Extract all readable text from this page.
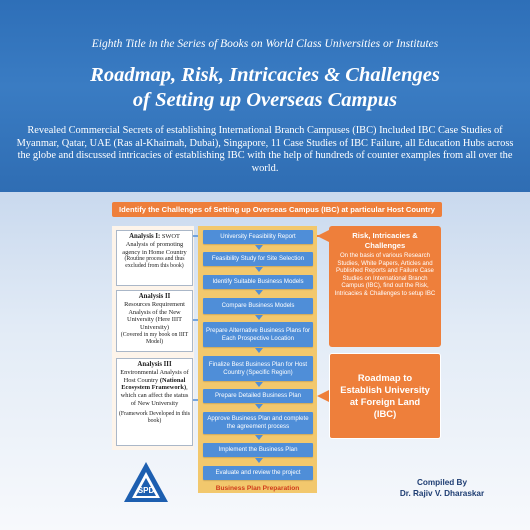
Eighth Title in the Series of Books on World Class Universities or Institutes
Roadmap, Risk, Intricacies & Challenges
of Setting up Overseas Campus
Revealed Commercial Secrets of establishing International Branch Campuses (IBC) Included IBC Case Studies of Myanmar, Qatar, UAE (Ras al-Khaimah, Dubai), Singapore, 11 Case Studies of IBC Failure, all Education Hubs across the globe and discussed intricacies of establishing IBC with the help of hundreds of counter examples from all over the world.
Identify the Challenges of Setting up Overseas Campus (IBC) at particular Host Country
Analysis I: SWOT Analysis of promoting agency in Home Country
(Routine process and thus excluded from this book)
Analysis II
Resources Requirement Analysis of the New University (Here IIIT University)
(Covered in my book on IIIT Model)
Analysis III
Environmental Analysis of Host Country (National Ecosystem Framework), which can affect the status of New University
(Framework Developed in this book)
University Feasibility Report
Feasibility Study for Site Selection
Identify Suitable Business Models
Compare Business Models
Prepare Alternative Business Plans for Each Prospective Location
Finalize Best Business Plan for Host Country (Specific Region)
Prepare Detailed Business Plan
Approve Business Plan and complete the agreement process
Implement the Business Plan
Evaluate and review the project
Business Plan Preparation
Risk, Intricacies & Challenges
On the basis of various Research Studies, White Papers, Articles and Published Reports and Failure Case Studies on International Branch Campus (IBC), find out the Risk, Intricacies & Challenges to setup IBC
Roadmap to Establish University at Foreign Land (IBC)
SPD
Compiled By
Dr. Rajiv V. Dharaskar
